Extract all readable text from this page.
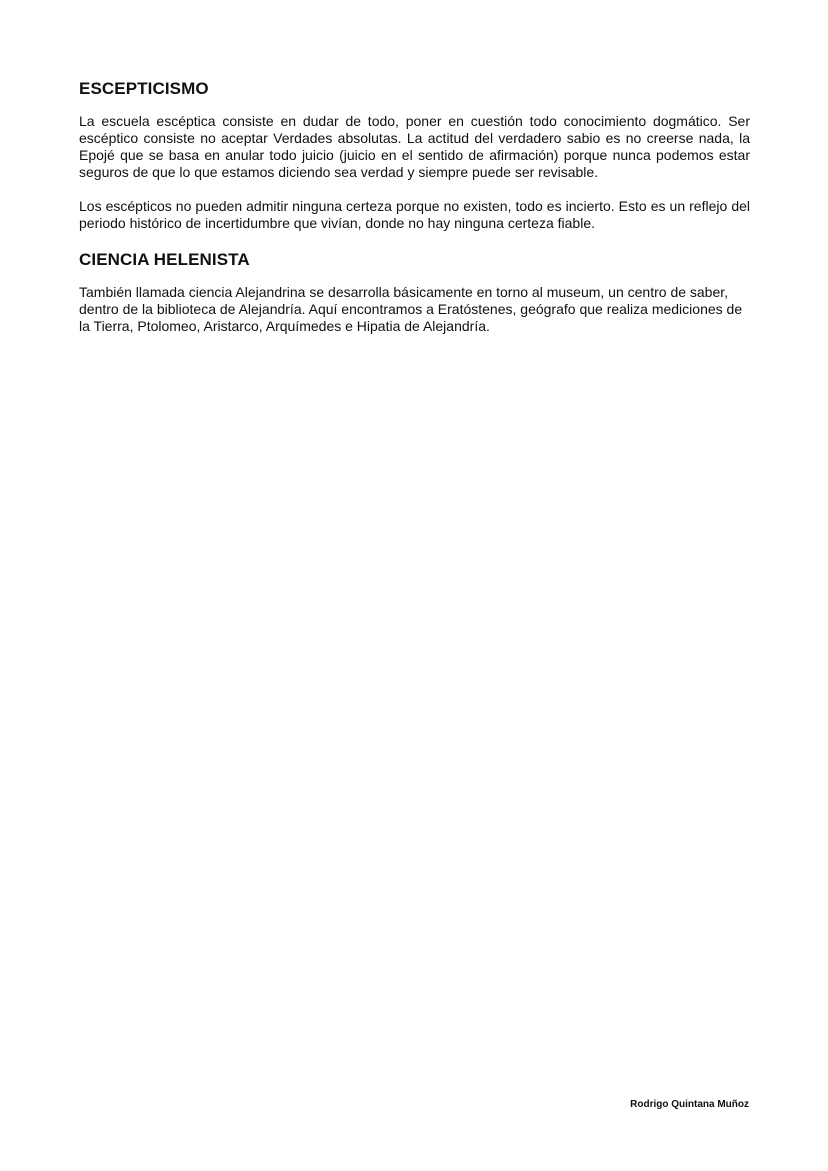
ESCEPTICISMO

La escuela escéptica consiste en dudar de todo, poner en cuestión todo conocimiento dogmático. Ser escéptico consiste no aceptar Verdades absolutas. La actitud del verdadero sabio es no creerse nada, la Epojé que se basa en anular todo juicio (juicio en el sentido de afirmación) porque nunca podemos estar seguros de que lo que estamos diciendo sea verdad y siempre puede ser revisable.

Los escépticos no pueden admitir ninguna certeza porque no existen, todo es incierto. Esto es un reflejo del periodo histórico de incertidumbre que vivían, donde no hay ninguna certeza fiable.

CIENCIA HELENISTA

También llamada ciencia Alejandrina se desarrolla básicamente en torno al museum, un centro de saber, dentro de la biblioteca de Alejandría. Aquí encontramos a Eratóstenes, geógrafo que realiza mediciones de la Tierra, Ptolomeo, Aristarco, Arquímedes e Hipatia de Alejandría.

Rodrigo Quintana Muñoz
